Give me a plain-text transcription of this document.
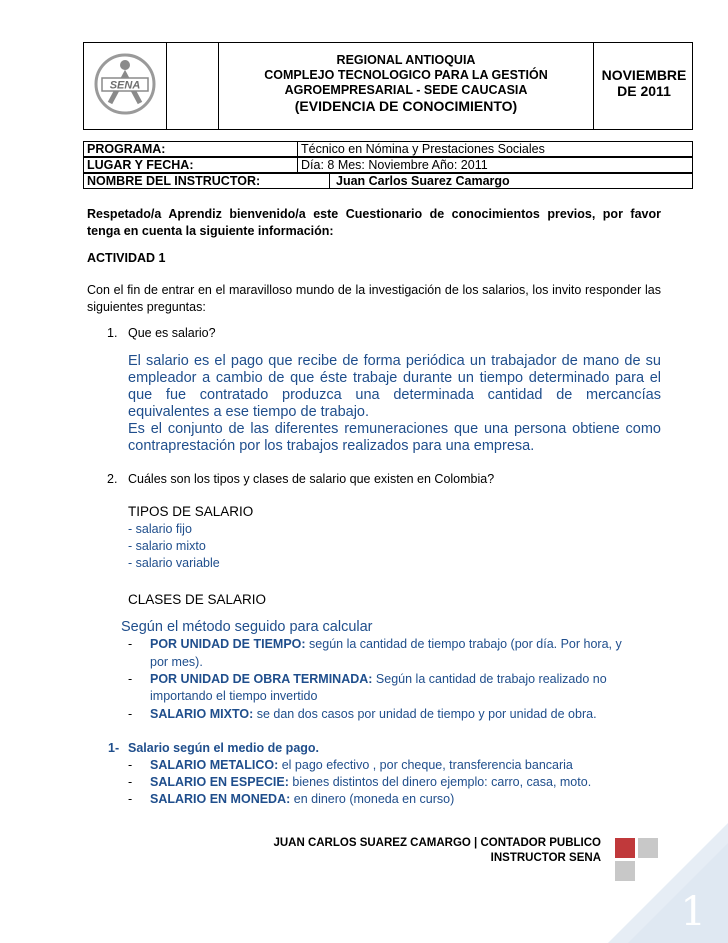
SENA
REGIONAL ANTIOQUIA
COMPLEJO TECNOLOGICO PARA LA GESTIÓN
AGROEMPRESARIAL - SEDE CAUCASIA
(EVIDENCIA DE CONOCIMIENTO)
NOVIEMBRE
DE 2011
PROGRAMA:	Técnico en Nómina y Prestaciones Sociales
LUGAR Y FECHA:	Día: 8 Mes: Noviembre Año: 2011
NOMBRE DEL INSTRUCTOR:	Juan Carlos Suarez Camargo
Respetado/a Aprendiz bienvenido/a este Cuestionario de conocimientos previos, por favor tenga en cuenta la siguiente información:
ACTIVIDAD 1
Con el fin de entrar en el maravilloso mundo de la investigación de los salarios, los invito responder las siguientes preguntas:
1. Que es salario?
El salario es el pago que recibe de forma periódica un trabajador de mano de su empleador a cambio de que éste trabaje durante un tiempo determinado para el que fue contratado produzca una determinada cantidad de mercancías equivalentes a ese tiempo de trabajo.
Es el conjunto de las diferentes remuneraciones que una persona obtiene como contraprestación por los trabajos realizados para una empresa.
2. Cuáles son los tipos y clases de salario que existen en Colombia?
TIPOS DE SALARIO
- salario fijo
- salario mixto
- salario variable
CLASES DE SALARIO
Según el método seguido para calcular
- POR UNIDAD DE TIEMPO: según la cantidad de tiempo trabajo (por día. Por hora, y
por mes).
- POR UNIDAD DE OBRA TERMINADA: Según la cantidad de trabajo realizado no
importando el tiempo invertido
- SALARIO MIXTO: se dan dos casos por unidad de tiempo y por unidad de obra.
1- Salario según el medio de pago.
- SALARIO METALICO: el pago efectivo , por cheque, transferencia bancaria
- SALARIO EN ESPECIE: bienes distintos del dinero ejemplo: carro, casa, moto.
- SALARIO EN MONEDA: en dinero (moneda en curso)
JUAN CARLOS SUAREZ CAMARGO | CONTADOR PUBLICO
INSTRUCTOR SENA
1
